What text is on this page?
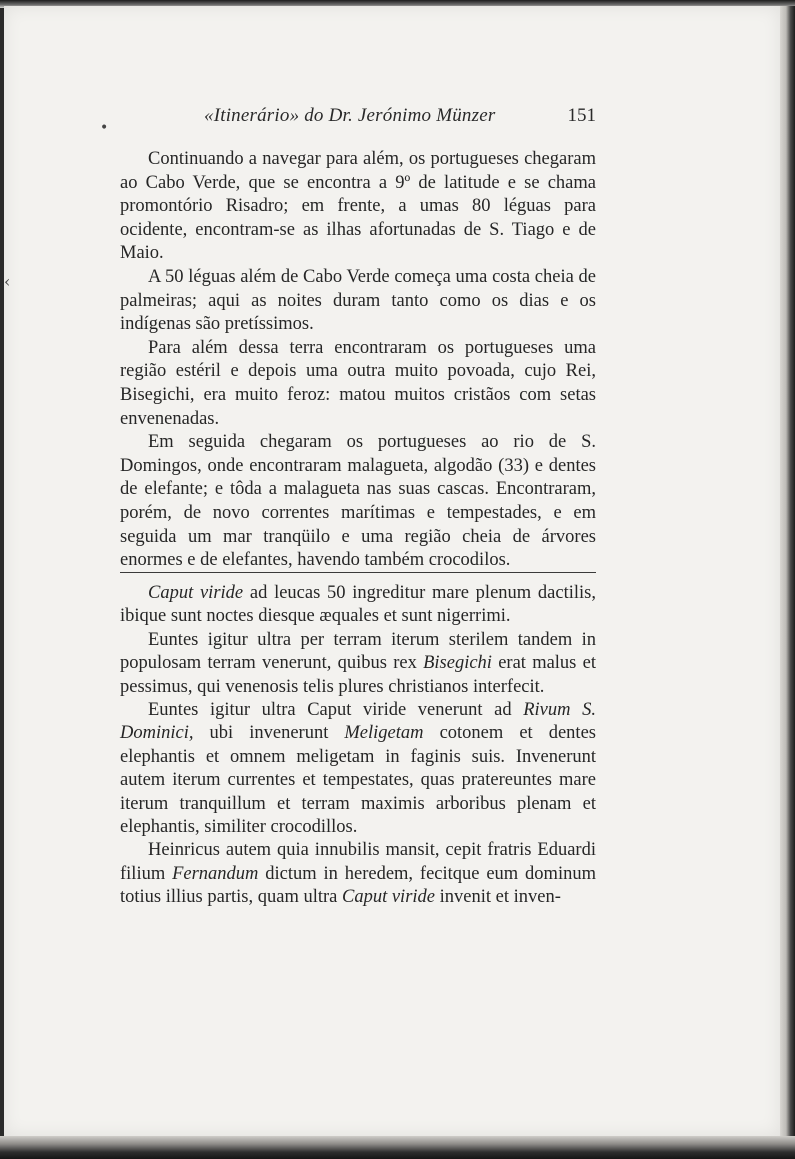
•
‹
«Itinerário» do Dr. Jerónimo Münzer	151

Continuando a navegar para além, os portugueses chegaram ao Cabo Verde, que se encontra a 9º de latitude e se chama promontório Risadro; em frente, a umas 80 léguas para ocidente, encontram-se as ilhas afortunadas de S. Tiago e de Maio.

A 50 léguas além de Cabo Verde começa uma costa cheia de palmeiras; aqui as noites duram tanto como os dias e os indígenas são pretíssimos.

Para além dessa terra encontraram os portugueses uma região estéril e depois uma outra muito povoada, cujo Rei, Bisegichi, era muito feroz: matou muitos cristãos com setas envenenadas.

Em seguida chegaram os portugueses ao rio de S. Domingos, onde encontraram malagueta, algodão (33) e dentes de elefante; e tôda a malagueta nas suas cascas. Encontraram, porém, de novo correntes marítimas e tempestades, e em seguida um mar tranqüilo e uma região cheia de árvores enormes e de elefantes, havendo também crocodilos.

Caput viride ad leucas 50 ingreditur mare plenum dactilis, ibique sunt noctes diesque æquales et sunt nigerrimi.

Euntes igitur ultra per terram iterum sterilem tandem in populosam terram venerunt, quibus rex Bisegichi erat malus et pessimus, qui venenosis telis plures christianos interfecit.

Euntes igitur ultra Caput viride venerunt ad Rivum S. Dominici, ubi invenerunt Meligetam cotonem et dentes elephantis et omnem meligetam in faginis suis. Invenerunt autem iterum currentes et tempestates, quas pratereuntes mare iterum tranquillum et terram maximis arboribus plenam et elephantis, similiter crocodillos.

Heinricus autem quia innubilis mansit, cepit fratris Eduardi filium Fernandum dictum in heredem, fecitque eum dominum totius illius partis, quam ultra Caput viride invenit et inven-
